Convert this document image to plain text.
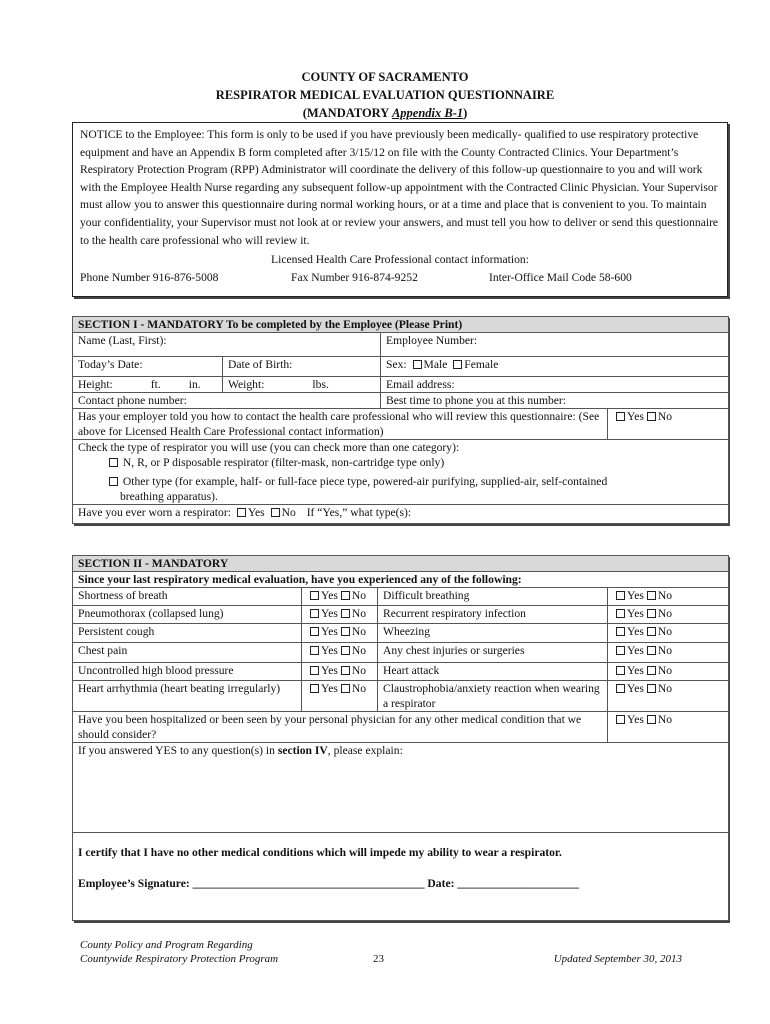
COUNTY OF SACRAMENTO
RESPIRATOR MEDICAL EVALUATION QUESTIONNAIRE
(MANDATORY Appendix B-1)
NOTICE to the Employee: This form is only to be used if you have previously been medically- qualified to use respiratory protective equipment and have an Appendix B form completed after 3/15/12 on file with the County Contracted Clinics. Your Department’s Respiratory Protection Program (RPP) Administrator will coordinate the delivery of this follow-up questionnaire to you and will work with the Employee Health Nurse regarding any subsequent follow-up appointment with the Contracted Clinic Physician. Your Supervisor must allow you to answer this questionnaire during normal working hours, or at a time and place that is convenient to you. To maintain your confidentiality, your Supervisor must not look at or review your answers, and must tell you how to deliver or send this questionnaire to the health care professional who will review it.
Licensed Health Care Professional contact information:
Phone Number 916-876-5008	Fax Number 916-874-9252	Inter-Office Mail Code 58-600
SECTION I - MANDATORY To be completed by the Employee (Please Print)			
Name (Last, First):		Employee Number:	
Today’s Date:	Date of Birth:	Sex: Male Female	
Height: ft. in.	Weight: lbs.	Email address:	
Contact phone number:		Best time to phone you at this number:	
Has your employer told you how to contact the health care professional who will review this questionnaire: (See above for Licensed Health Care Professional contact information)			Yes No

Check the type of respirator you will use (you can check more than one category):
N, R, or P disposable respirator (filter-mask, non-cartridge type only)
Other type (for example, half- or full-face piece type, powered-air purifying, supplied-air, self-contained
breathing apparatus).			

Have you ever worn a respirator: Yes No If “Yes,” what type(s):			
SECTION II - MANDATORY			
Since your last respiratory medical evaluation, have you experienced any of the following:			
Shortness of breath	Yes No	Difficult breathing	Yes No
Pneumothorax (collapsed lung)	Yes No	Recurrent respiratory infection	Yes No
Persistent cough	Yes No	Wheezing	Yes No
Chest pain	Yes No	Any chest injuries or surgeries	Yes No
Uncontrolled high blood pressure	Yes No	Heart attack	Yes No
Heart arrhythmia (heart beating irregularly)	Yes No	Claustrophobia/anxiety reaction when wearing a respirator	Yes No
Have you been hospitalized or been seen by your personal physician for any other medical condition that we should consider?			Yes No
If you answered YES to any question(s) in section IV, please explain:			

I certify that I have no other medical conditions which will impede my ability to wear a respirator.
Employee’s Signature: ________________________________________ Date: _____________________			
County Policy and Program Regarding
Countywide Respiratory Protection Program	23	Updated September 30, 2013
